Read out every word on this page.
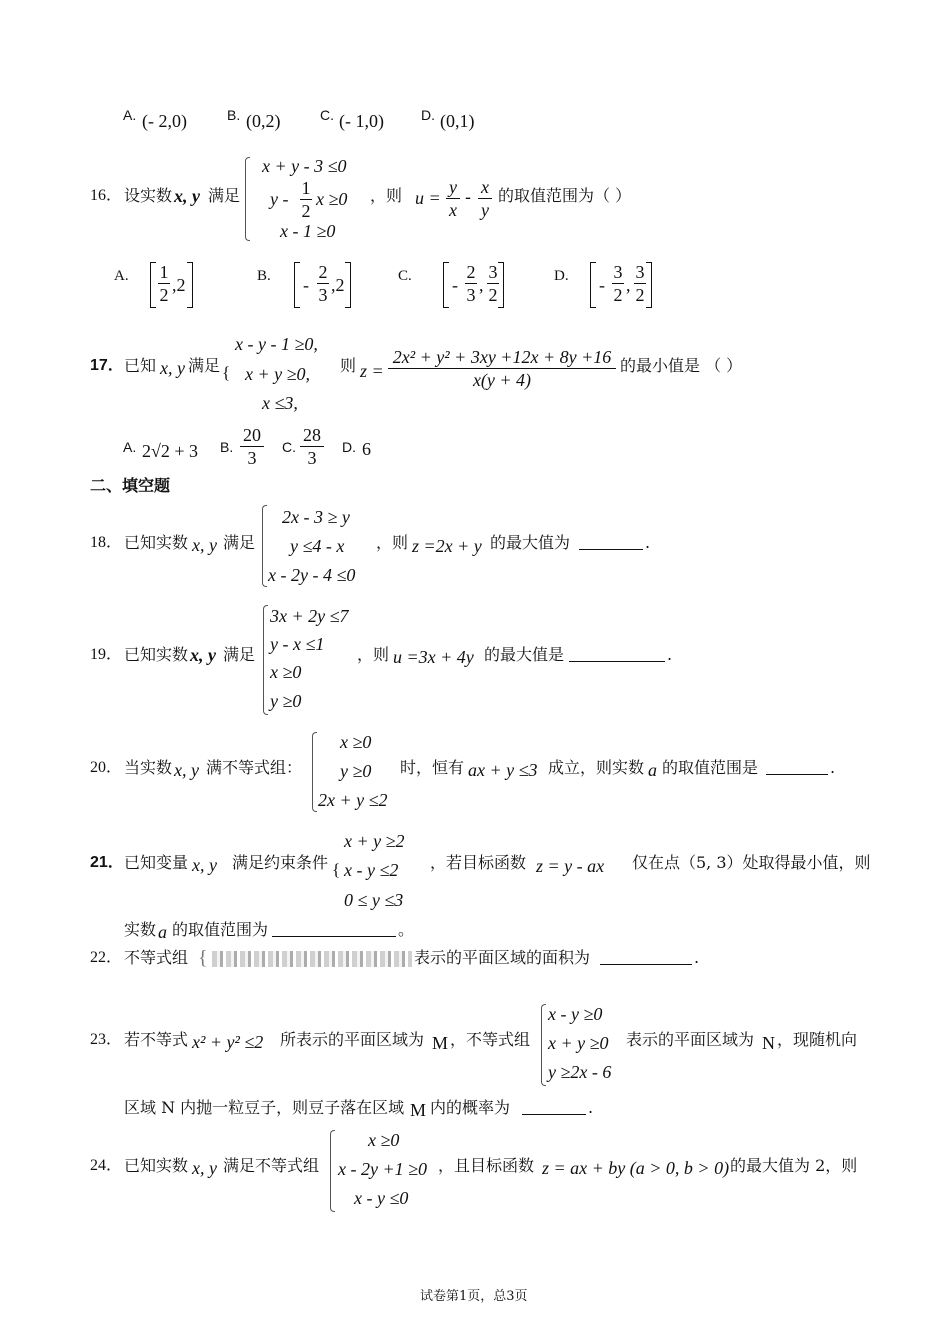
A. (- 2,0)	B. (0,2)	C. (- 1,0)	D. (0,1)
16． 设实数 x, y 满足
x + y - 3 ≤0
y -
1
2
x ≥0
x - 1 ≥0
，则 u =
y
x
- x
y
的取值范围为（ ）
A. 1
2 ,2	B. -
2
3 ,2	C. -
2
3 ,
3
2
D. -
3
2 ,
3
2
17． 已知 x, y 满足 {
x - y - 1 ≥0,
x + y ≥0,
x ≤3,
则 z =
2x² + y² + 3xy +12x + 8y +16
x(y + 4)
的最小值是 （ ）
A. 2√2 + 3 B.
20
3
C.
28
3
D. 6
二、填空题
18． 已知实数 x, y 满足
2x - 3 ≥ y
y ≤4 - x
x - 2y - 4 ≤0
，则 z =2x + y 的最大值为	.
19． 已知实数 x, y 满足
3x + 2y ≤7
y - x ≤1
x ≥0
y ≥0
，则 u =3x + 4y 的最大值是	.
20． 当实数 x, y 满不等式组：
x ≥0
y ≥0
2x + y ≤2
时，恒有 ax + y ≤3 成立，则实数 a 的取值范围是	.
21． 已知变量 x, y 满足约束条件 {
x + y ≥2
x - y ≤2
0 ≤ y ≤3
，若目标函数 z = y - ax 仅在点（5, 3）处取得最小值，则
实数 a 的取值范围为	。
22． 不等式组 {	表示的平面区域的面积为	.
23． 若不等式 x² + y² ≤2 所表示的平面区域为 M ，不等式组
x - y ≥0
x + y ≥0
y ≥2x - 6
表示的平面区域为 N ，现随机向
区域 N 内抛一粒豆子，则豆子落在区域 M 内的概率为	.
24． 已知实数 x, y 满足不等式组
x ≥0
x - 2y +1 ≥0
x - y ≤0
，且目标函数 z = ax + by (a > 0, b > 0) 的最大值为 2，则
试卷第1页，总3页
